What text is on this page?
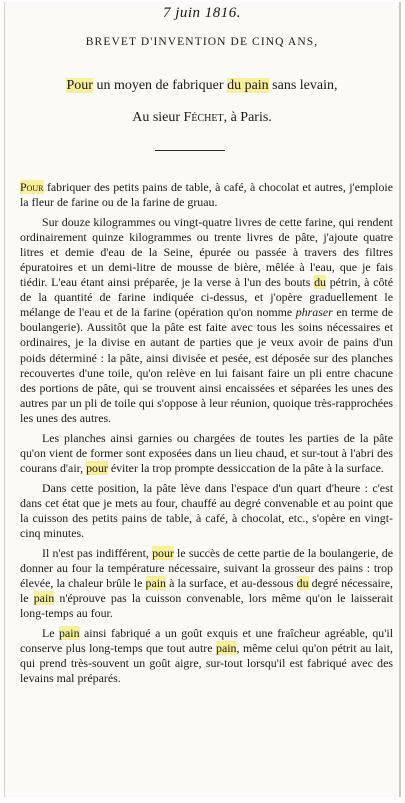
7 juin 1816.
BREVET D'INVENTION DE CINQ ANS,
Pour un moyen de fabriquer du pain sans levain,
Au sieur Féchet, à Paris.

Pour fabriquer des petits pains de table, à café, à chocolat et autres, j'emploie la fleur de farine ou de la farine de gruau.

Sur douze kilogrammes ou vingt-quatre livres de cette farine, qui rendent ordinairement quinze kilogrammes ou trente livres de pâte, j'ajoute quatre litres et demie d'eau de la Seine, épurée ou passée à travers des filtres épuratoires et un demi-litre de mousse de bière, mêlée à l'eau, que je fais tiédir. L'eau étant ainsi préparée, je la verse à l'un des bouts du pétrin, à côté de la quantité de farine indiquée ci-dessus, et j'opère graduellement le mélange de l'eau et de la farine (opération qu'on nomme phraser en terme de boulangerie). Aussitôt que la pâte est faite avec tous les soins nécessaires et ordinaires, je la divise en autant de parties que je veux avoir de pains d'un poids déterminé : la pâte, ainsi divisée et pesée, est déposée sur des planches recouvertes d'une toile, qu'on relève en lui faisant faire un pli entre chacune des portions de pâte, qui se trouvent ainsi encaissées et séparées les unes des autres par un pli de toile qui s'oppose à leur réunion, quoique très-rapprochées les unes des autres.

Les planches ainsi garnies ou chargées de toutes les parties de la pâte qu'on vient de former sont exposées dans un lieu chaud, et sur-tout à l'abri des courans d'air, pour éviter la trop prompte dessiccation de la pâte à la surface.

Dans cette position, la pâte lève dans l'espace d'un quart d'heure : c'est dans cet état que je mets au four, chauffé au degré convenable et au point que la cuisson des petits pains de table, à café, à chocolat, etc., s'opère en vingt-cinq minutes.

Il n'est pas indifférent, pour le succès de cette partie de la boulangerie, de donner au four la température nécessaire, suivant la grosseur des pains : trop élevée, la chaleur brûle le pain à la surface, et au-dessous du degré nécessaire, le pain n'éprouve pas la cuisson convenable, lors même qu'on le laisserait long-temps au four.

Le pain ainsi fabriqué a un goût exquis et une fraîcheur agréable, qu'il conserve plus long-temps que tout autre pain, même celui qu'on pétrit au lait, qui prend très-souvent un goût aigre, sur-tout lorsqu'il est fabriqué avec des levains mal préparés.
